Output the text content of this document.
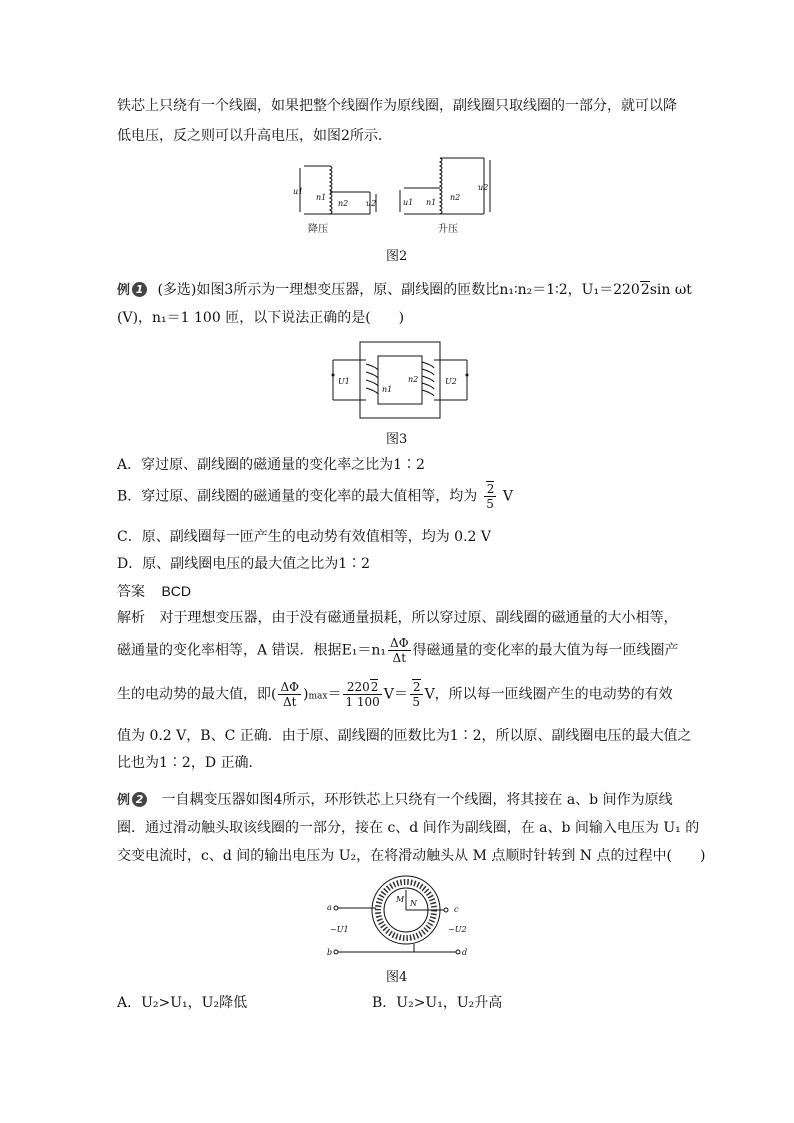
铁芯上只绕有一个线圈，如果把整个线圈作为原线圈，副线圈只取线圈的一部分，就可以降
低电压，反之则可以升高电压，如图2所示．
u1
n1
n2 u2	u1 n1
n2
u2
降压	升压
图2
例 1 (多选)如图3所示为一理想变压器，原、副线圈的匝数比n₁∶n₂＝1∶2，U₁＝2202sin ωt
(V)，n₁＝1 100 匝，以下说法正确的是(　　)
U1	U2
n1
n2
图3
A．穿过原、副线圈的磁通量的变化率之比为1∶2
B．穿过原、副线圈的磁通量的变化率的最大值相等，均为 $\frac{2}{5}$ V
C．原、副线圈每一匝产生的电动势有效值相等，均为 0.2 V
D．原、副线圈电压的最大值之比为1∶2
答案 BCD
解析 对于理想变压器，由于没有磁通量损耗，所以穿过原、副线圈的磁通量的大小相等，
磁通量的变化率相等，A 错误．根据$E_1=n_1 \frac{\Delta\Phi}{\Delta t}$ 得磁通量的变化率的最大值为每一匝线圈产
生的电动势的最大值，即( $\frac{\Delta\Phi}{\Delta t} )\max= \frac{2202}{1 100} V= \frac{2}{5}$ V，所以每一匝线圈产生的电动势的有效
值为 0.2 V，B、C 正确．由于原、副线圈的匝数比为1∶2，所以原、副线圈电压的最大值之
比也为1∶2，D 正确．
例 2 一自耦变压器如图4所示，环形铁芯上只绕有一个线圈，将其接在 a、b 间作为原线
圈．通过滑动触头取该线圈的一部分，接在 c、d 间作为副线圈，在 a、b 间输入电压为 U₁ 的
交变电流时，c、d 间的输出电压为 U₂，在将滑动触头从 M 点顺时针转到 N 点的过程中(　　)
a
b
c
d
~U1	~U2
M N
图4
A．U₂>U₁，U₂降低	B．U₂>U₁，U₂升高
